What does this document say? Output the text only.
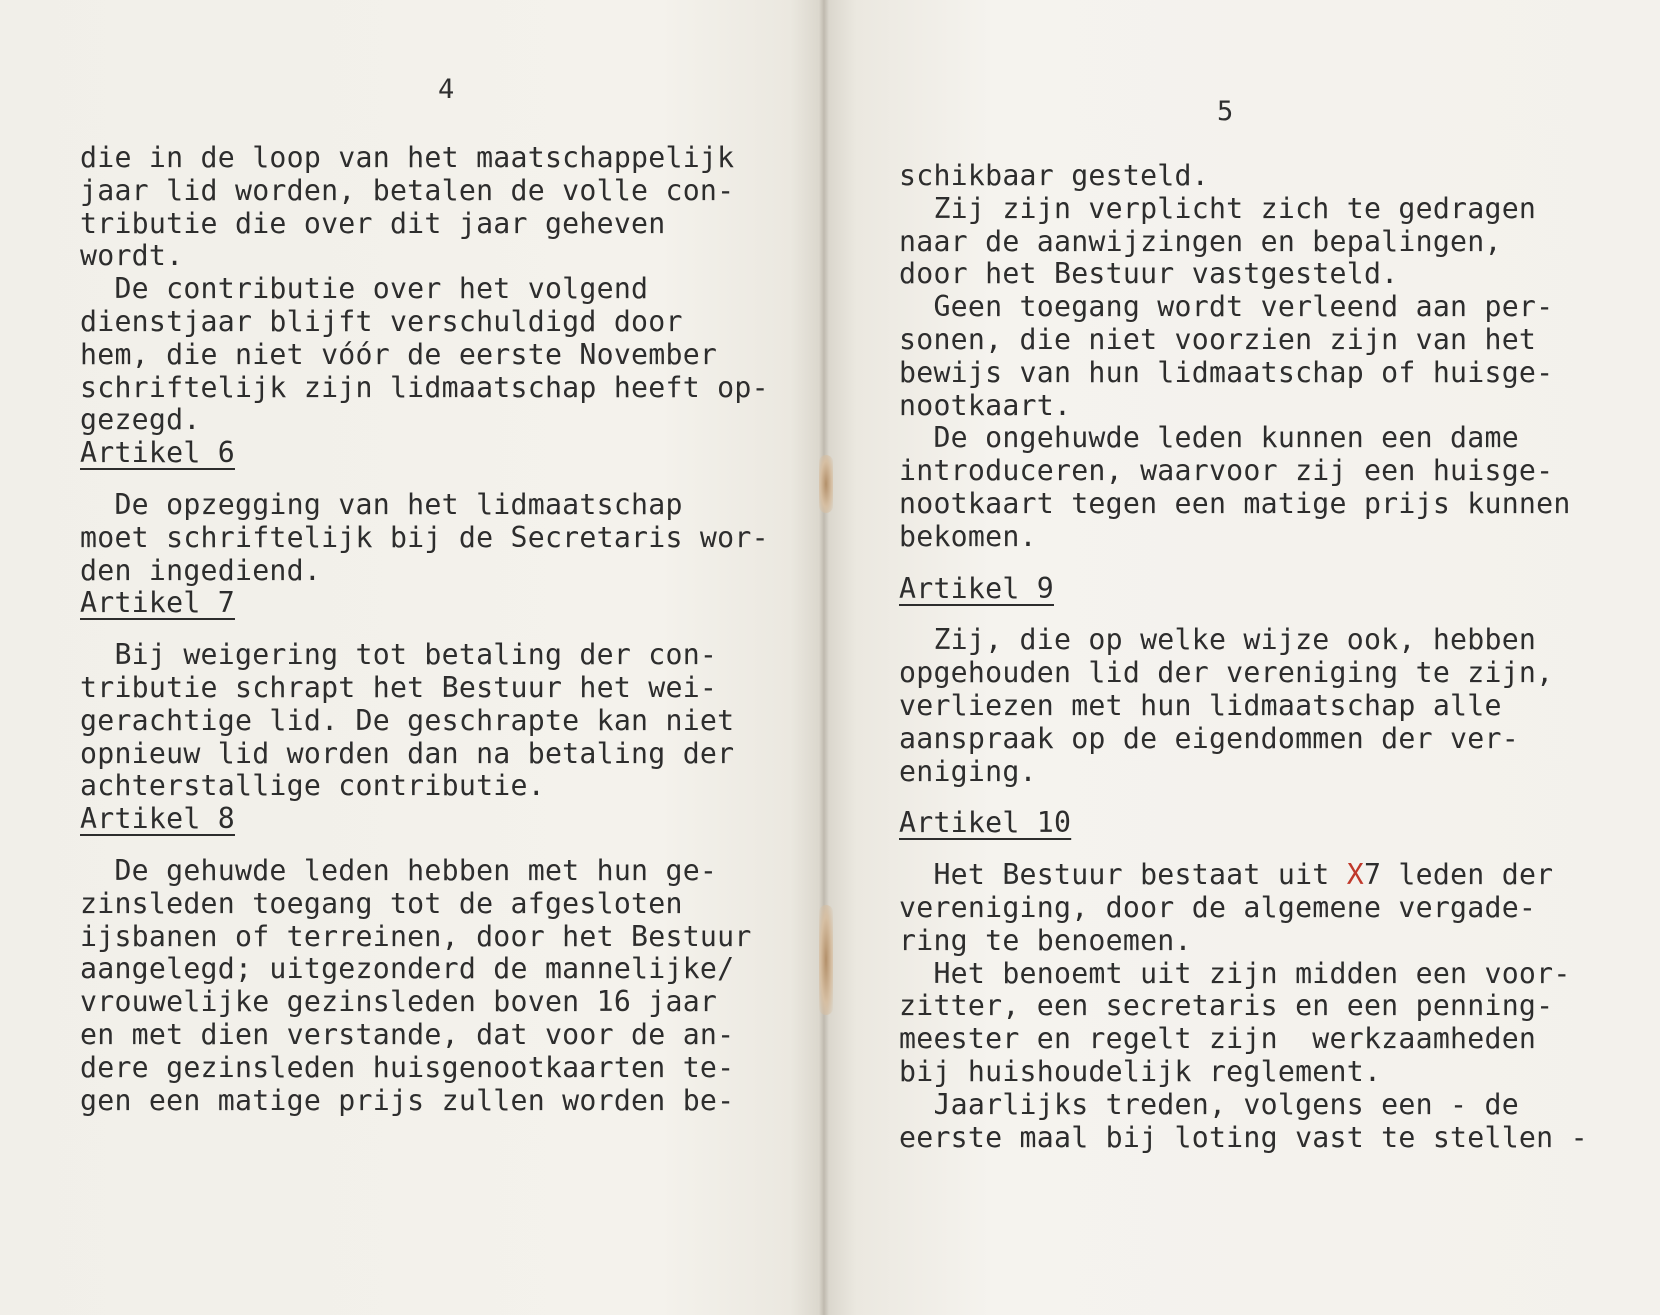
4
die in de loop van het maatschappelijk
jaar lid worden, betalen de volle con-
tributie die over dit jaar geheven
wordt.
De contributie over het volgend
dienstjaar blijft verschuldigd door
hem, die niet vóór de eerste November
schriftelijk zijn lidmaatschap heeft op-
gezegd.
Artikel 6
De opzegging van het lidmaatschap
moet schriftelijk bij de Secretaris wor-
den ingediend.
Artikel 7
Bij weigering tot betaling der con-
tributie schrapt het Bestuur het wei-
gerachtige lid. De geschrapte kan niet
opnieuw lid worden dan na betaling der
achterstallige contributie.
Artikel 8
De gehuwde leden hebben met hun ge-
zinsleden toegang tot de afgesloten
ijsbanen of terreinen, door het Bestuur
aangelegd; uitgezonderd de mannelijke/
vrouwelijke gezinsleden boven 16 jaar
en met dien verstande, dat voor de an-
dere gezinsleden huisgenootkaarten te-
gen een matige prijs zullen worden be-
5
schikbaar gesteld.
Zij zijn verplicht zich te gedragen
naar de aanwijzingen en bepalingen,
door het Bestuur vastgesteld.
Geen toegang wordt verleend aan per-
sonen, die niet voorzien zijn van het
bewijs van hun lidmaatschap of huisge-
nootkaart.
De ongehuwde leden kunnen een dame
introduceren, waarvoor zij een huisge-
nootkaart tegen een matige prijs kunnen
bekomen.
Artikel 9
Zij, die op welke wijze ook, hebben
opgehouden lid der vereniging te zijn,
verliezen met hun lidmaatschap alle
aanspraak op de eigendommen der ver-
eniging.
Artikel 10
Het Bestuur bestaat uit X7 leden der
vereniging, door de algemene vergade-
ring te benoemen.
Het benoemt uit zijn midden een voor-
zitter, een secretaris en een penning-
meester en regelt zijn  werkzaamheden
bij huishoudelijk reglement.
Jaarlijks treden, volgens een - de
eerste maal bij loting vast te stellen -
